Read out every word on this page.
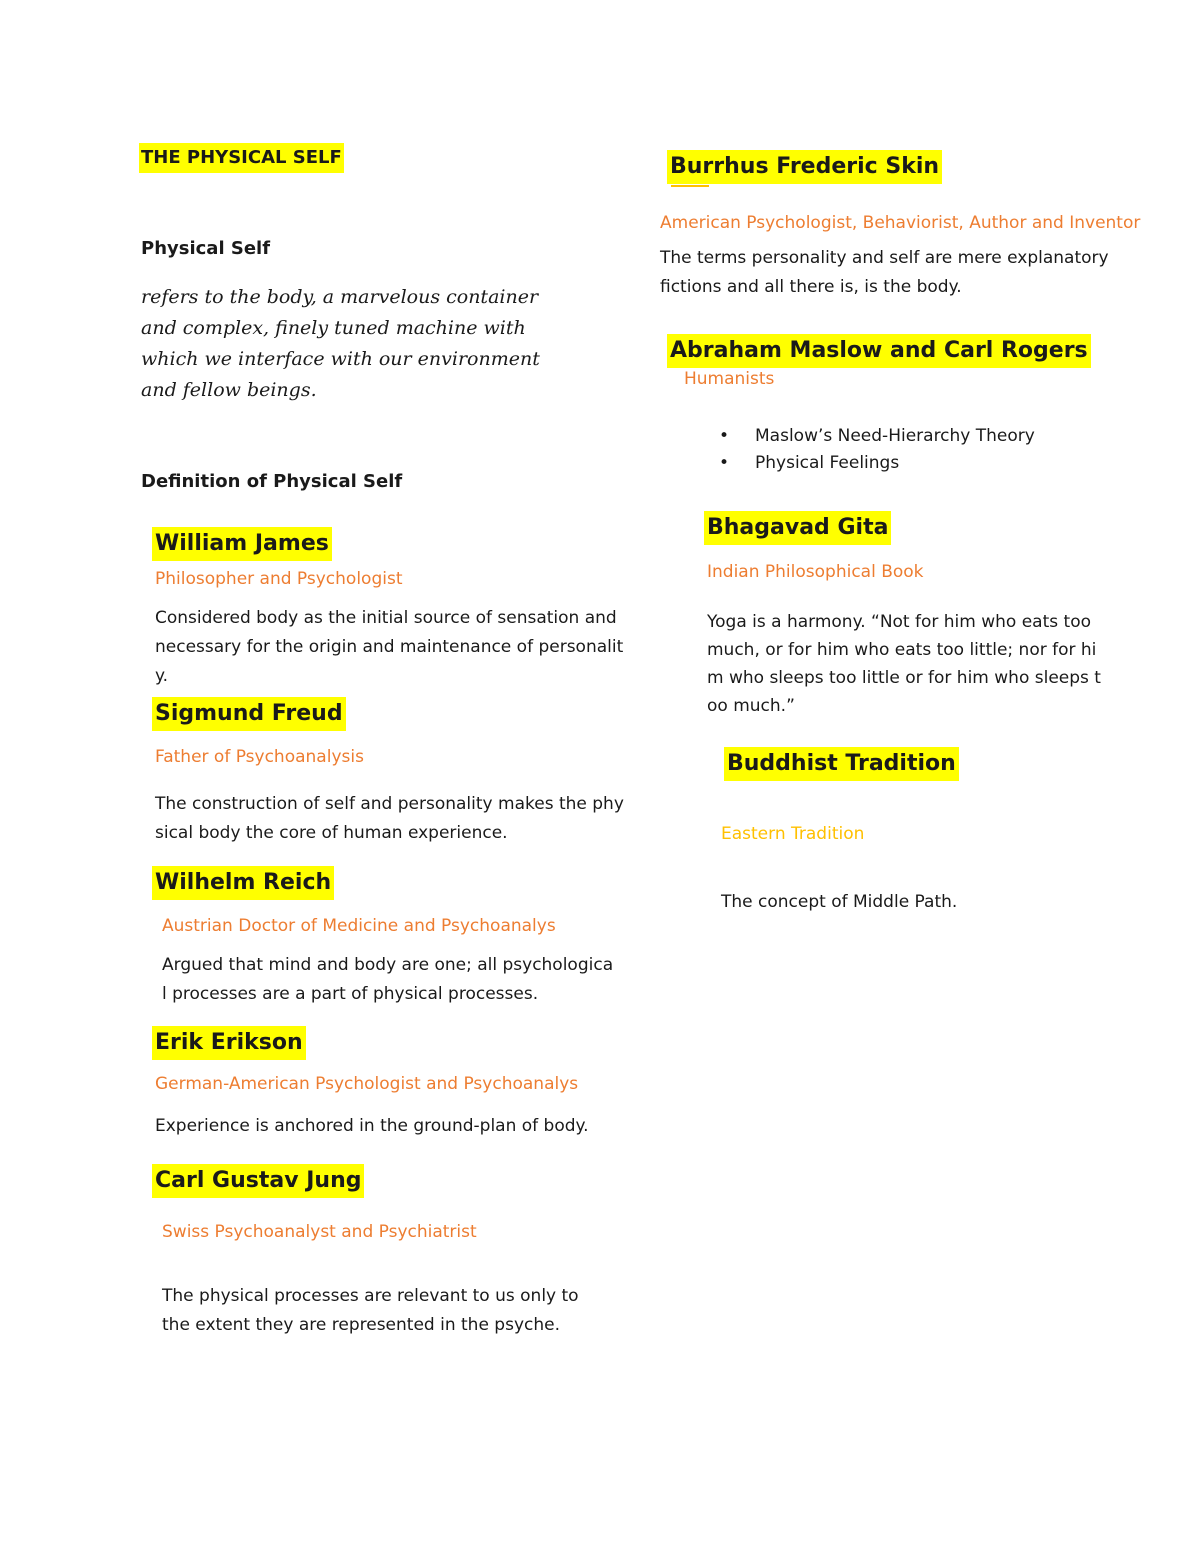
THE PHYSICAL SELF
Physical Self
refers to the body, a marvelous container
and complex, finely tuned machine with
which we interface with our environment
and fellow beings.
Definition of Physical Self
William James
Philosopher and Psychologist
Considered body as the initial source of sensation and
necessary for the origin and maintenance of personalit
y.
Sigmund Freud
Father of Psychoanalysis
The construction of self and personality makes the phy
sical body the core of human experience.
Wilhelm Reich
Austrian Doctor of Medicine and Psychoanalys
Argued that mind and body are one; all psychologica
l processes are a part of physical processes.
Erik Erikson
German-American Psychologist and Psychoanalys
Experience is anchored in the ground-plan of body.
Carl Gustav Jung
Swiss Psychoanalyst and Psychiatrist
The physical processes are relevant to us only to
the extent they are represented in the psyche.
Burrhus Frederic Skin
American Psychologist, Behaviorist, Author and Inventor
The terms personality and self are mere explanatory
fictions and all there is, is the body.
Abraham Maslow and Carl Rogers
Humanists
• Maslow’s Need-Hierarchy Theory
• Physical Feelings
Bhagavad Gita
Indian Philosophical Book
Yoga is a harmony. “Not for him who eats too
much, or for him who eats too little; nor for hi
m who sleeps too little or for him who sleeps t
oo much.”
Buddhist Tradition
Eastern Tradition
The concept of Middle Path.
